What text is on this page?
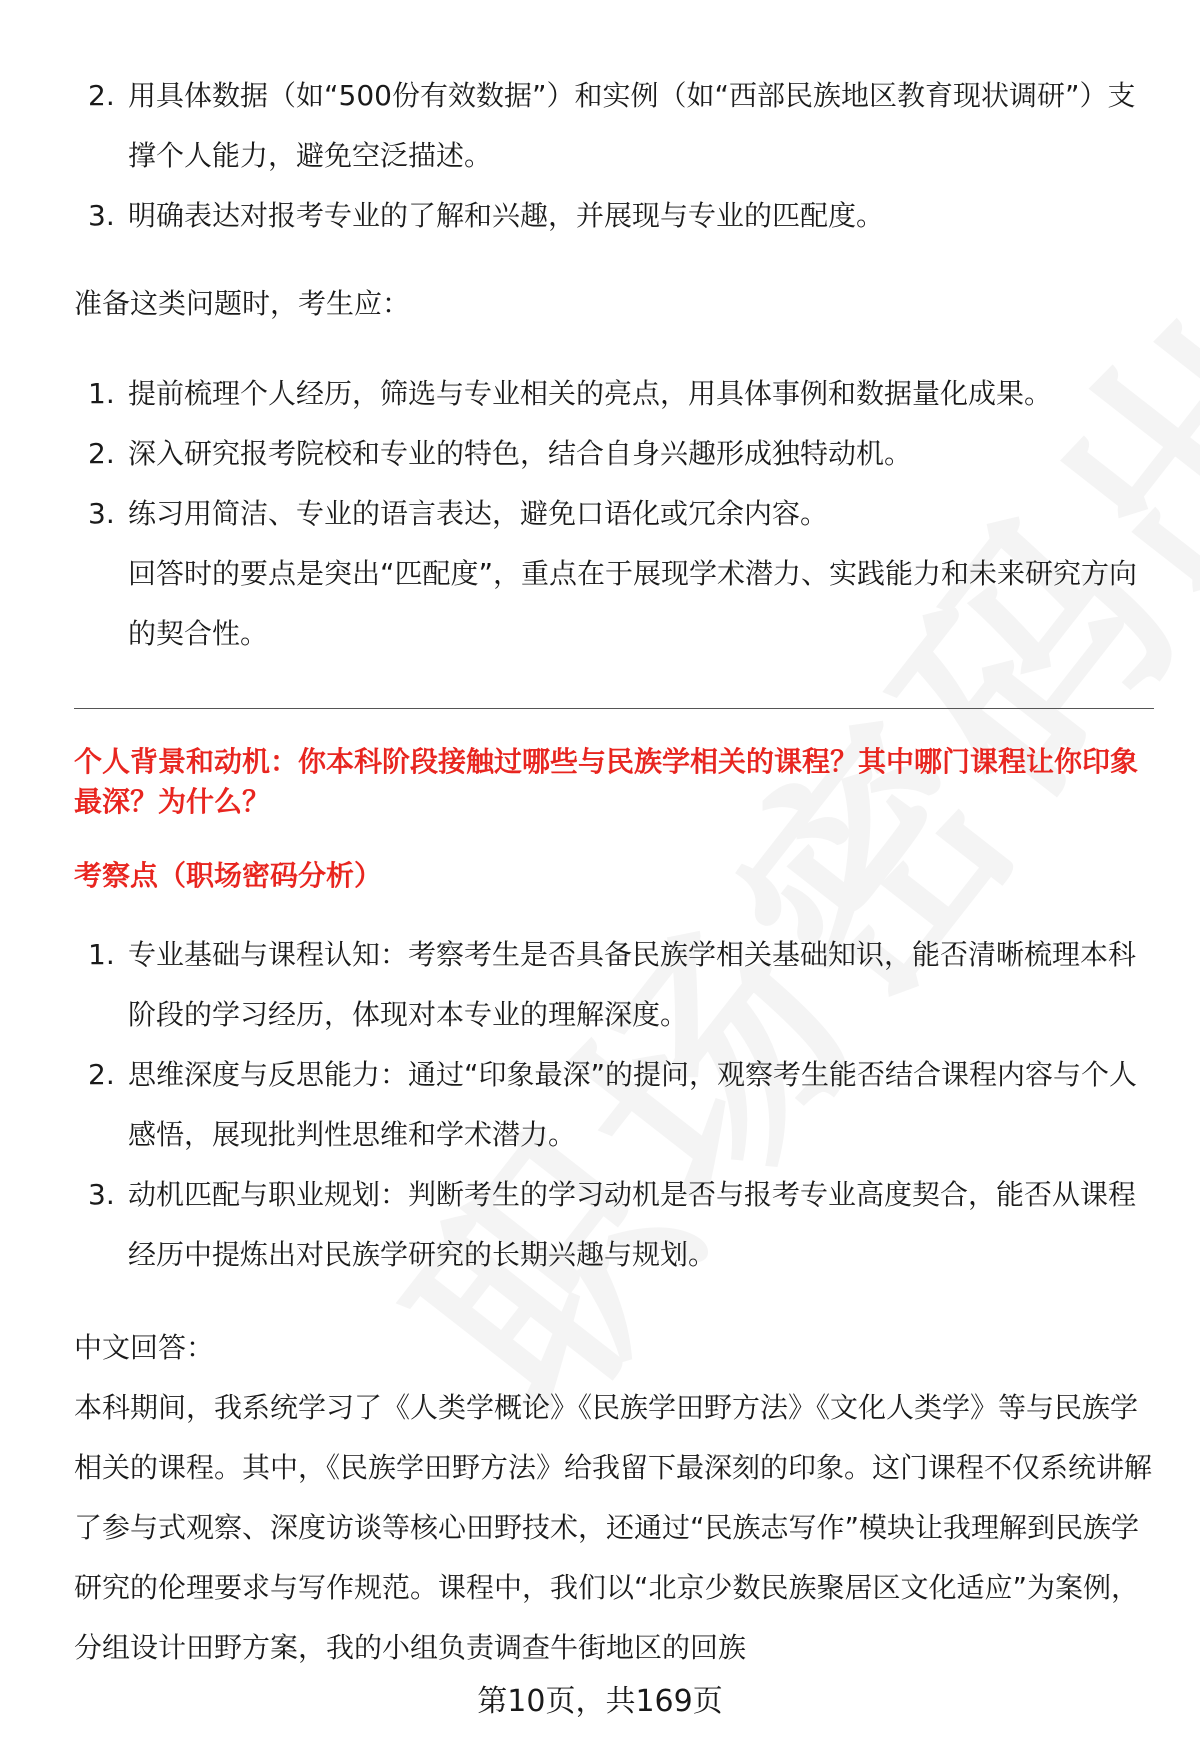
2. 用具体数据（如“500份有效数据”）和实例（如“西部民族地区教育现状调研”）支撑个人能力，避免空泛描述。
3. 明确表达对报考专业的了解和兴趣，并展现与专业的匹配度。

准备这类问题时，考生应：

1. 提前梳理个人经历，筛选与专业相关的亮点，用具体事例和数据量化成果。
2. 深入研究报考院校和专业的特色，结合自身兴趣形成独特动机。
3. 练习用简洁、专业的语言表达，避免口语化或冗余内容。
回答时的要点是突出“匹配度”，重点在于展现学术潜力、实践能力和未来研究方向的契合性。

个人背景和动机：你本科阶段接触过哪些与民族学相关的课程？其中哪门课程让你印象最深？为什么？

考察点（职场密码分析）

1. 专业基础与课程认知：考察考生是否具备民族学相关基础知识，能否清晰梳理本科阶段的学习经历，体现对本专业的理解深度。
2. 思维深度与反思能力：通过“印象最深”的提问，观察考生能否结合课程内容与个人感悟，展现批判性思维和学术潜力。
3. 动机匹配与职业规划：判断考生的学习动机是否与报考专业高度契合，能否从课程经历中提炼出对民族学研究的长期兴趣与规划。

中文回答：

本科期间，我系统学习了《人类学概论》《民族学田野方法》《文化人类学》等与民族学相关的课程。其中，《民族学田野方法》给我留下最深刻的印象。这门课程不仅系统讲解了参与式观察、深度访谈等核心田野技术，还通过“民族志写作”模块让我理解到民族学研究的伦理要求与写作规范。课程中，我们以“北京少数民族聚居区文化适应”为案例，分组设计田野方案，我的小组负责调查牛街地区的回族

第10页，共169页
